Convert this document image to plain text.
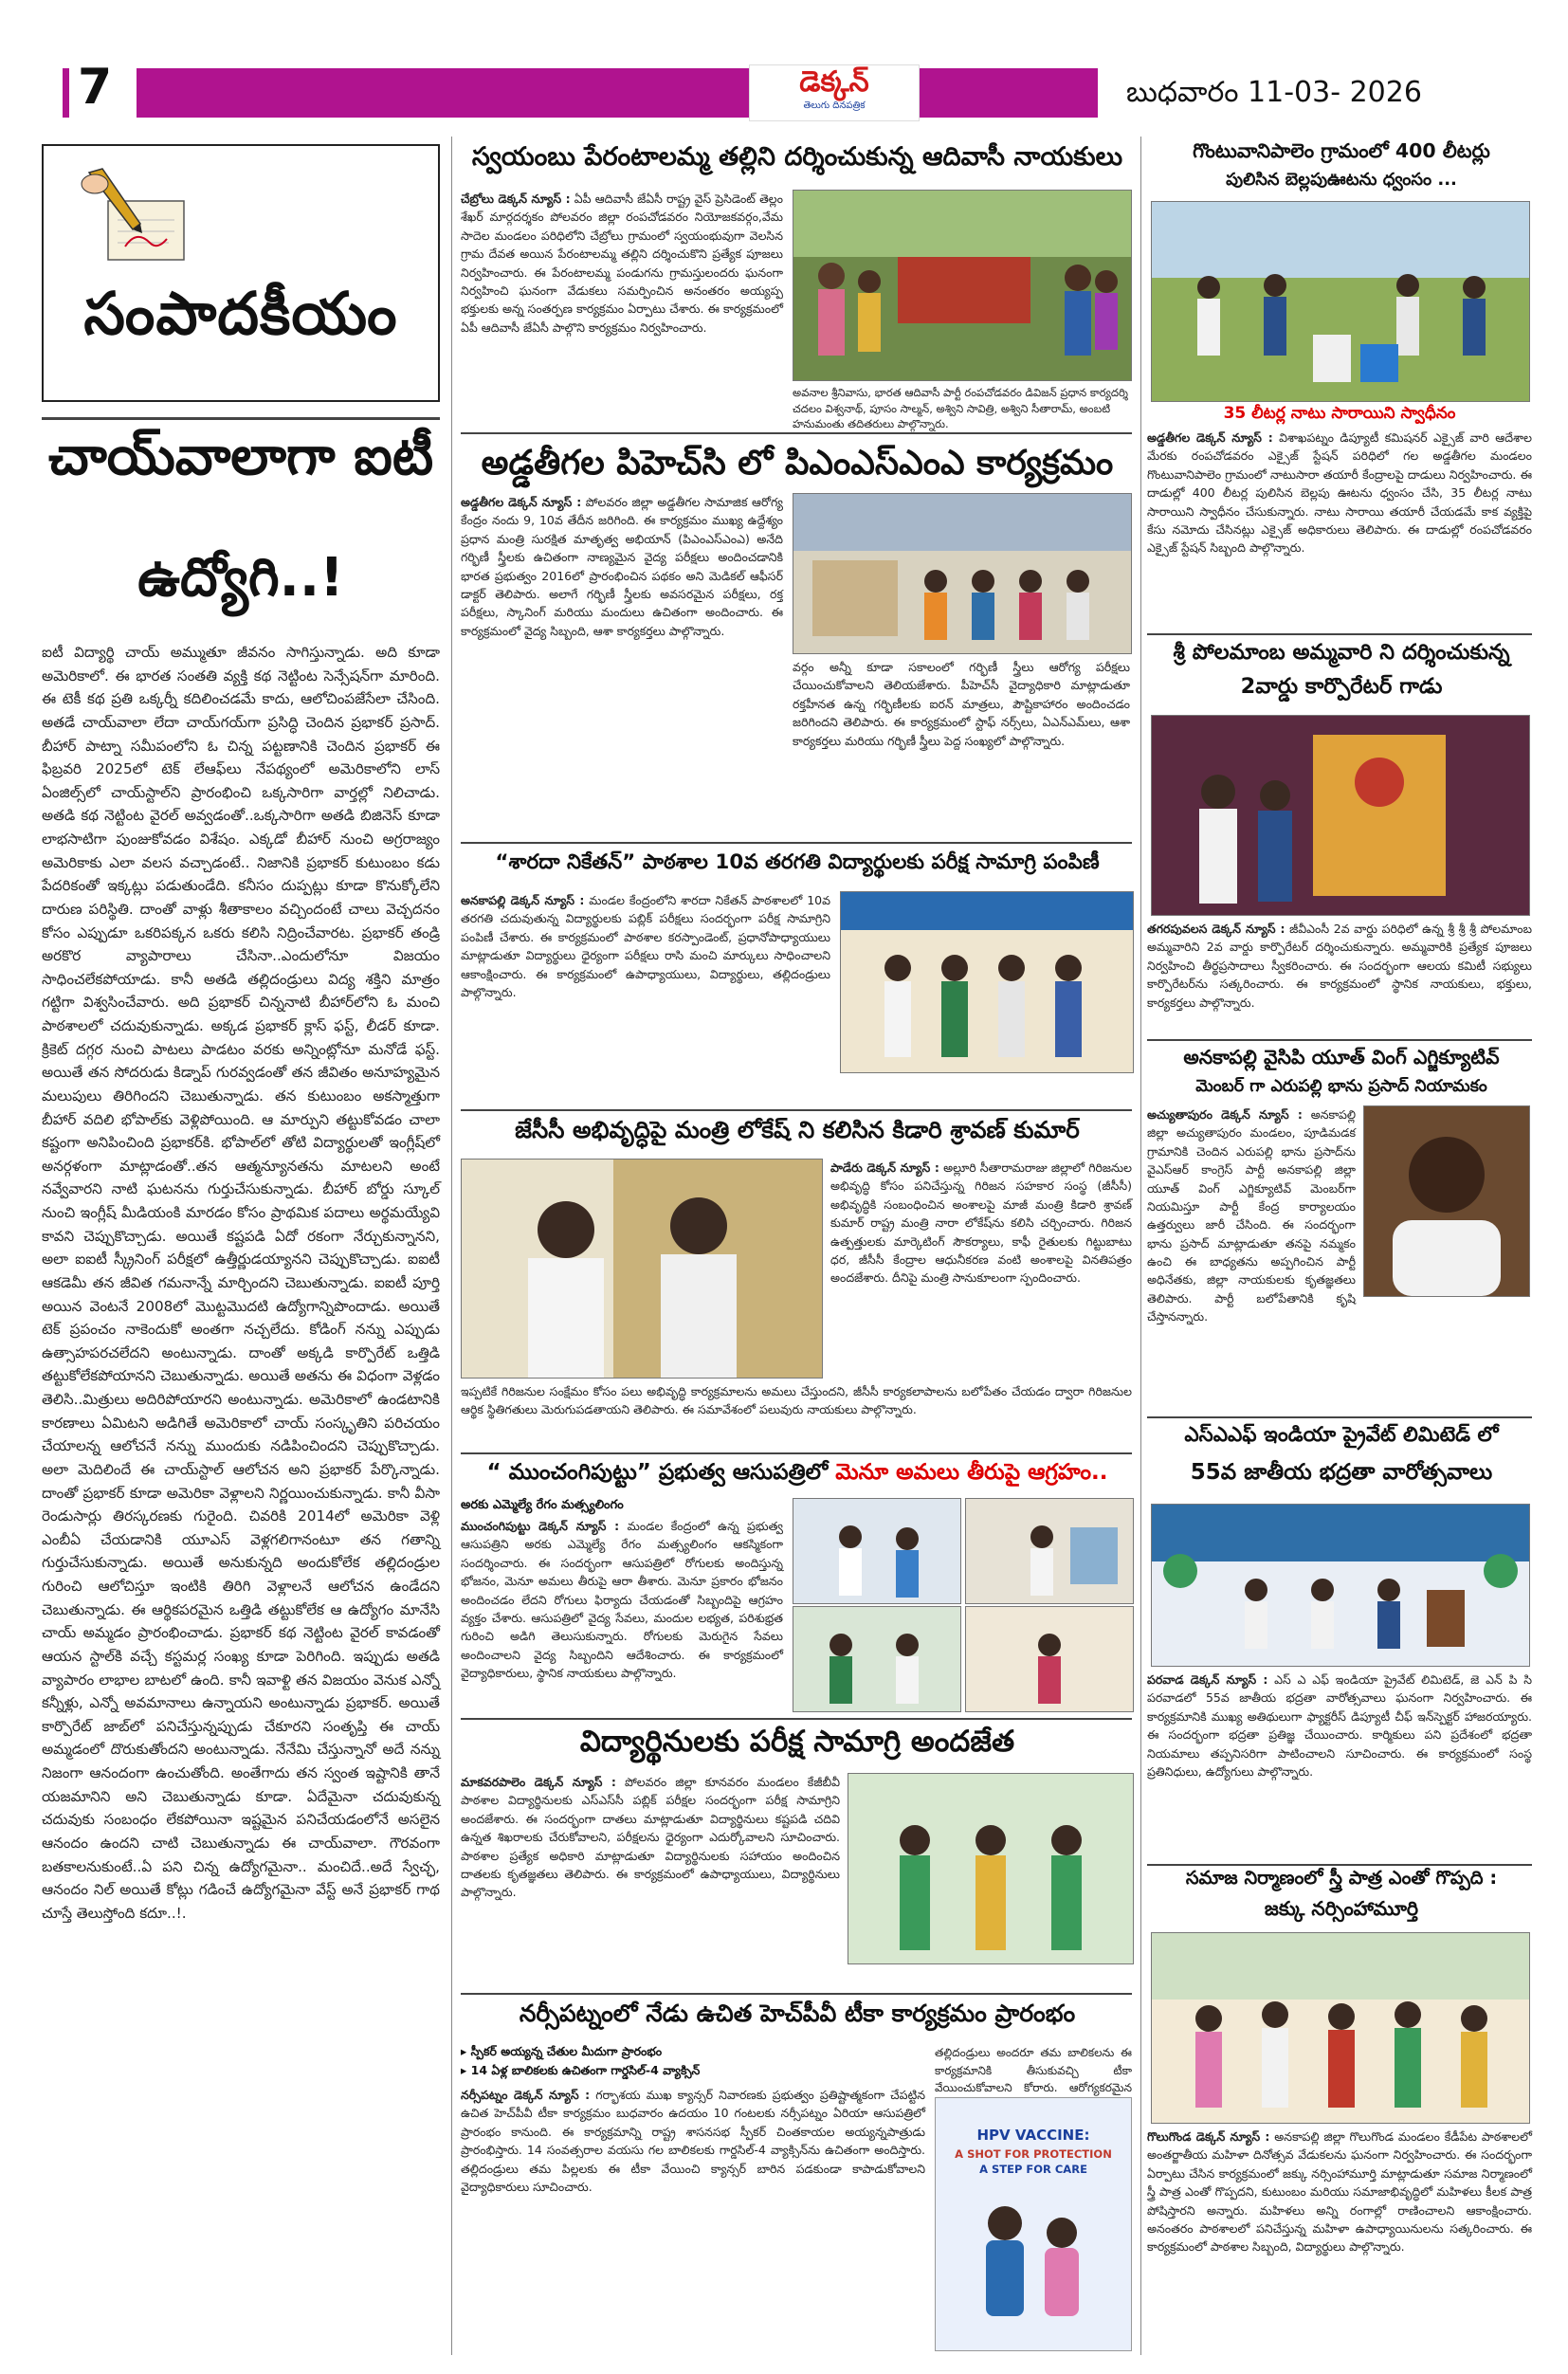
7	డెక్కన్
తెలుగు దినపత్రిక	బుధవారం 11-03- 2026
సంపాదకీయం
చాయ్‌వాలాగా ఐటీ
ఉద్యోగి..!
ఐటీ విద్యార్థి చాయ్ అమ్ముతూ జీవనం సాగిస్తున్నాడు. అది కూడా అమెరికాలో. ఈ భారత సంతతి వ్యక్తి కథ నెట్టింట సెన్సేషన్‌గా మారింది. ఈ టెకీ కథ ప్రతి ఒక్కర్నీ కదిలించడమే కాదు, ఆలోచింపజేసేలా చేసింది. అతడే చాయ్‌వాలా లేదా చాయ్‌గయ్‌గా ప్రసిద్ధి చెందిన ప్రభాకర్ ప్రసాద్. బీహార్ పాట్నా సమీపంలోని ఓ చిన్న పట్టణానికి చెందిన ప్రభాకర్ ఈ ఫిబ్రవరి 2025లో టెక్ లేఆఫ్‌లు నేపథ్యంలో అమెరికాలోని లాస్ ఏంజిల్స్‌లో చాయ్‌స్టాల్‌ని ప్రారంభించి ఒక్కసారిగా వార్తల్లో నిలిచాడు. అతడి కథ నెట్టింట వైరల్ అవ్వడంతో..ఒక్కసారిగా అతడి బిజినెస్ కూడా లాభసాటిగా పుంజుకోవడం విశేషం. ఎక్కడో బీహార్ నుంచి అగ్రరాజ్యం అమెరికాకు ఎలా వలస వచ్చాడంటే.. నిజానికి ప్రభాకర్ కుటుంబం కడు పేదరికంతో ఇక్కట్లు పడుతుండేది. కనీసం దుప్పట్లు కూడా కొనుక్కోలేని దారుణ పరిస్థితి. దాంతో వాళ్లు శీతాకాలం వచ్చిందంటే చాలు వెచ్చదనం కోసం ఎప్పుడూ ఒకరిపక్కన ఒకరు కలిసి నిద్రించేవారట. ప్రభాకర్ తండ్రి అరకొర వ్యాపారాలు చేసినా..ఎందులోనూ విజయం సాధించలేకపోయాడు. కానీ అతడి తల్లిదండ్రులు విద్య శక్తిని మాత్రం గట్టిగా విశ్వసించేవారు. అది ప్రభాకర్ చిన్ననాటి బీహార్‌లోని ఓ మంచి పాఠశాలలో చదువుకున్నాడు. అక్కడ ప్రభాకర్ క్లాస్ ఫస్ట్, లీడర్ కూడా. క్రికెట్ దగ్గర నుంచి పాటలు పాడటం వరకు అన్నింట్లోనూ మనోడే ఫస్ట్. అయితే తన సోదరుడు కిడ్నాప్ గురవ్వడంతో తన జీవితం అనూహ్యమైన మలుపులు తిరిగిందని చెబుతున్నాడు. తన కుటుంబం అకస్మాత్తుగా బీహార్ వదిలి భోపాల్‌కు వెళ్లిపోయింది. ఆ మార్పుని తట్టుకోవడం చాలా కష్టంగా అనిపించింది ప్రభాకర్‌కి. భోపాల్‌లో తోటి విద్యార్థులతో ఇంగ్లీష్‌లో అనర్గళంగా మాట్లాడంతో..తన ఆత్మన్యూనతను మాటలని అంటే నవ్వేవారని నాటి ఘటనను గుర్తుచేసుకున్నాడు. బీహార్ బోర్డు స్కూల్ నుంచి ఇంగ్లీష్ మీడియంకి మారడం కోసం ప్రాథమిక పదాలు అర్థమయ్యేవి కావని చెప్పుకొచ్చాడు. అయితే కష్టపడి ఏదో రకంగా నేర్చుకున్నానని, అలా ఐఐటీ స్క్రీనింగ్ పరీక్షలో ఉత్తీర్ణుడయ్యానని చెప్పుకొచ్చాడు. ఐఐటీ ఆకడెమీ తన జీవిత గమనాన్నే మార్చిందని చెబుతున్నాడు. ఐఐటీ పూర్తి అయిన వెంటనే 2008లో మొట్టమొదటి ఉద్యోగాన్నిపొందాడు. అయితే టెక్ ప్రపంచం నాకెందుకో అంతగా నచ్చలేదు. కోడింగ్ నన్ను ఎప్పుడు ఉత్సాహపరచలేదని అంటున్నాడు. దాంతో అక్కడి కార్పొరేట్ ఒత్తిడి తట్టుకోలేకపోయానని చెబుతున్నాడు. అయితే అతను ఈ విధంగా వెళ్లడం తెలిసి..మిత్రులు అదిరిపోయారని అంటున్నాడు. అమెరికాలో ఉండటానికి కారణాలు ఏమిటని అడిగితే అమెరికాలో చాయ్ సంస్కృతిని పరిచయం చేయాలన్న ఆలోచనే నన్ను ముందుకు నడిపించిందని చెప్పుకొచ్చాడు. అలా మెదిలిందే ఈ చాయ్‌స్టాల్ ఆలోచన అని ప్రభాకర్ పేర్కొన్నాడు. దాంతో ప్రభాకర్ కూడా అమెరికా వెళ్లాలని నిర్ణయించుకున్నాడు. కానీ వీసా రెండుసార్లు తిరస్కరణకు గురైంది. చివరికి 2014లో అమెరికా వెళ్లి ఎంబీఏ చేయడానికి యూఎస్ వెళ్లగలిగానంటూ తన గతాన్ని గుర్తుచేసుకున్నాడు. అయితే అనుకున్నది అందుకోలేక తల్లిదండ్రుల గురించి ఆలోచిస్తూ ఇంటికి తిరిగి వెళ్లాలనే ఆలోచన ఉండేదని చెబుతున్నాడు. ఈ ఆర్థికపరమైన ఒత్తిడి తట్టుకోలేక ఆ ఉద్యోగం మానేసి చాయ్ అమ్మడం ప్రారంభించాడు. ప్రభాకర్ కథ నెట్టింట వైరల్ కావడంతో ఆయన స్టాల్‌కి వచ్చే కస్టమర్ల సంఖ్య కూడా పెరిగింది. ఇప్పుడు అతడి వ్యాపారం లాభాల బాటలో ఉంది. కానీ ఇవాళ్టి తన విజయం వెనుక ఎన్నో కన్నీళ్లు, ఎన్నో అవమానాలు ఉన్నాయని అంటున్నాడు ప్రభాకర్. అయితే కార్పొరేట్ జాబ్‌లో పనిచేస్తున్నప్పుడు చేకూరని సంతృప్తి ఈ చాయ్ అమ్మడంలో దొరుకుతోందని అంటున్నాడు. నేనేమి చేస్తున్నానో అదే నన్ను నిజంగా ఆనందంగా ఉంచుతోంది. అంతేగాదు తన స్వంత ఇష్టానికి తానే యజమానిని అని చెబుతున్నాడు కూడా. ఏదేమైనా చదువుకున్న చదువుకు సంబంధం లేకపోయినా ఇష్టమైన పనిచేయడంలోనే అసలైన ఆనందం ఉందని చాటి చెబుతున్నాడు ఈ చాయ్‌వాలా. గౌరవంగా బతకాలనుకుంటే..ఏ పని చిన్న ఉద్యోగమైనా.. మంచిదే..అదే స్వేచ్ఛ, ఆనందం నిల్ అయితే కోట్లు గడించే ఉద్యోగమైనా వేస్ట్ అనే ప్రభాకర్ గాథ చూస్తే తెలుస్తోంది కదూ..!.
స్వయంబు పేరంటాలమ్మ తల్లిని దర్శించుకున్న ఆదివాసీ నాయకులు
చేబ్రోలు డెక్కన్ న్యూస్ : ఏపీ ఆదివాసీ జేఏసీ రాష్ట్ర వైస్ ప్రెసిడెంట్ తెల్లం శేఖర్ మార్గదర్శకం పోలవరం జిల్లా రంపచోడవరం నియోజకవర్గం,వేమ సాదెల మండలం పరిధిలోని చేబ్రోలు గ్రామంలో స్వయంభువుగా వెలసిన గ్రామ దేవత అయిన పేరంటాలమ్మ తల్లిని దర్శించుకొని ప్రత్యేక పూజలు నిర్వహించారు. ఈ పేరంటాలమ్మ పండుగను గ్రామస్తులందరు ఘనంగా నిర్వహించి ఘనంగా వేడుకలు సమర్పించిన అనంతరం అయ్యప్ప భక్తులకు అన్న సంతర్పణ కార్యక్రమం ఏర్పాటు చేశారు. ఈ కార్యక్రమంలో ఏపీ ఆదివాసీ జేఏసీ పాల్గొని కార్యక్రమం నిర్వహించారు.
అవనాల శ్రీనివాసు, భారత ఆదివాసీ పార్టీ రంపచోడవరం డివిజన్ ప్రధాన కార్యదర్శి చదలం విశ్వనాథ్, పూసం సాల్మన్, అశ్విని సావిత్రి, అశ్విని సీతారామ్, అంబటి హనుమంతు తదితరులు పాల్గొన్నారు.
అడ్డతీగల పిహెచ్‌సి లో పిఎంఎస్ఎంఎ కార్యక్రమం
అడ్డతీగల డెక్కన్ న్యూస్ : పోలవరం జిల్లా అడ్డతీగల సామాజిక ఆరోగ్య కేంద్రం నందు 9, 10వ తేదీన జరిగింది. ఈ కార్యక్రమం ముఖ్య ఉద్దేశ్యం ప్రధాన మంత్రి సురక్షిత మాతృత్వ అభియాన్ (పిఎంఎస్ఎంఎ) అనేది గర్భిణీ స్త్రీలకు ఉచితంగా నాణ్యమైన వైద్య పరీక్షలు అందించడానికి భారత ప్రభుత్వం 2016లో ప్రారంభించిన పథకం అని మెడికల్ ఆఫీసర్ డాక్టర్ తెలిపారు. అలాగే గర్భిణీ స్త్రీలకు అవసరమైన పరీక్షలు, రక్త పరీక్షలు, స్కానింగ్ మరియు మందులు ఉచితంగా అందించారు. ఈ కార్యక్రమంలో వైద్య సిబ్బంది, ఆశా కార్యకర్తలు పాల్గొన్నారు.
వర్గం అన్నీ కూడా సకాలంలో గర్భిణీ స్త్రీలు ఆరోగ్య పరీక్షలు చేయించుకోవాలని తెలియజేశారు. పీహెచ్‌సీ వైద్యాధికారి మాట్లాడుతూ రక్తహీనత ఉన్న గర్భిణీలకు ఐరన్ మాత్రలు, పౌష్టికాహారం అందించడం జరిగిందని తెలిపారు. ఈ కార్యక్రమంలో స్టాఫ్ నర్స్‌లు, ఏఎన్ఎమ్‌లు, ఆశా కార్యకర్తలు మరియు గర్భిణీ స్త్రీలు పెద్ద సంఖ్యలో పాల్గొన్నారు.
“శారదా నికేతన్” పాఠశాల 10వ తరగతి విద్యార్థులకు పరీక్ష సామాగ్రి పంపిణీ
అనకాపల్లి డెక్కన్ న్యూస్ : మండల కేంద్రంలోని శారదా నికేతన్ పాఠశాలలో 10వ తరగతి చదువుతున్న విద్యార్థులకు పబ్లిక్ పరీక్షలు సందర్భంగా పరీక్ష సామాగ్రిని పంపిణీ చేశారు. ఈ కార్యక్రమంలో పాఠశాల కరస్పాండెంట్, ప్రధానోపాధ్యాయులు మాట్లాడుతూ విద్యార్థులు ధైర్యంగా పరీక్షలు రాసి మంచి మార్కులు సాధించాలని ఆకాంక్షించారు. ఈ కార్యక్రమంలో ఉపాధ్యాయులు, విద్యార్థులు, తల్లిదండ్రులు పాల్గొన్నారు.
జేసీసీ అభివృద్ధిపై మంత్రి లోకేష్ ని కలిసిన కిడారి శ్రావణ్ కుమార్
పాడేరు డెక్కన్ న్యూస్ : అల్లూరి సీతారామరాజు జిల్లాలో గిరిజనుల అభివృద్ధి కోసం పనిచేస్తున్న గిరిజన సహకార సంస్థ (జీసీసీ) అభివృద్ధికి సంబంధించిన అంశాలపై మాజీ మంత్రి కిడారి శ్రావణ్ కుమార్ రాష్ట్ర మంత్రి నారా లోకేష్‌ను కలిసి చర్చించారు. గిరిజన ఉత్పత్తులకు మార్కెటింగ్ సౌకర్యాలు, కాఫీ రైతులకు గిట్టుబాటు ధర, జీసీసీ కేంద్రాల ఆధునీకరణ వంటి అంశాలపై వినతిపత్రం అందజేశారు. దీనిపై మంత్రి సానుకూలంగా స్పందించారు.
ఇప్పటికే గిరిజనుల సంక్షేమం కోసం పలు అభివృద్ధి కార్యక్రమాలను అమలు చేస్తుందని, జీసీసీ కార్యకలాపాలను బలోపేతం చేయడం ద్వారా గిరిజనుల ఆర్థిక స్థితిగతులు మెరుగుపడతాయని తెలిపారు. ఈ సమావేశంలో పలువురు నాయకులు పాల్గొన్నారు.
“ ముంచంగిపుట్టు” ప్రభుత్వ ఆసుపత్రిలో మెనూ అమలు తీరుపై ఆగ్రహం..
అరకు ఎమ్మెల్యే రేగం మత్స్యలింగం
ముంచంగిపుట్టు డెక్కన్ న్యూస్ : మండల కేంద్రంలో ఉన్న ప్రభుత్వ ఆసుపత్రిని అరకు ఎమ్మెల్యే రేగం మత్స్యలింగం ఆకస్మికంగా సందర్శించారు. ఈ సందర్భంగా ఆసుపత్రిలో రోగులకు అందిస్తున్న భోజనం, మెనూ అమలు తీరుపై ఆరా తీశారు. మెనూ ప్రకారం భోజనం అందించడం లేదని రోగులు ఫిర్యాదు చేయడంతో సిబ్బందిపై ఆగ్రహం వ్యక్తం చేశారు. ఆసుపత్రిలో వైద్య సేవలు, మందుల లభ్యత, పరిశుభ్రత గురించి అడిగి తెలుసుకున్నారు. రోగులకు మెరుగైన సేవలు అందించాలని వైద్య సిబ్బందిని ఆదేశించారు. ఈ కార్యక్రమంలో వైద్యాధికారులు, స్థానిక నాయకులు పాల్గొన్నారు.
విద్యార్థినులకు పరీక్ష సామాగ్రి అందజేత
మాకవరపాలెం డెక్కన్ న్యూస్ : పోలవరం జిల్లా కూనవరం మండలం కేజీబీవీ పాఠశాల విద్యార్థినులకు ఎస్ఎస్‌సీ పబ్లిక్ పరీక్షల సందర్భంగా పరీక్ష సామాగ్రిని అందజేశారు. ఈ సందర్భంగా దాతలు మాట్లాడుతూ విద్యార్థినులు కష్టపడి చదివి ఉన్నత శిఖరాలకు చేరుకోవాలని, పరీక్షలను ధైర్యంగా ఎదుర్కోవాలని సూచించారు. పాఠశాల ప్రత్యేక అధికారి మాట్లాడుతూ విద్యార్థినులకు సహాయం అందించిన దాతలకు కృతజ్ఞతలు తెలిపారు. ఈ కార్యక్రమంలో ఉపాధ్యాయులు, విద్యార్థినులు పాల్గొన్నారు.
నర్సీపట్నంలో నేడు ఉచిత హెచ్‌పీవీ టీకా కార్యక్రమం ప్రారంభం
▸ స్పీకర్ అయ్యన్న చేతుల మీదుగా ప్రారంభం
▸ 14 ఏళ్ల బాలికలకు ఉచితంగా గార్డసిల్-4 వ్యాక్సిన్
నర్సీపట్నం డెక్కన్ న్యూస్ : గర్భాశయ ముఖ క్యాన్సర్ నివారణకు ప్రభుత్వం ప్రతిష్టాత్మకంగా చేపట్టిన ఉచిత హెచ్‌పీవీ టీకా కార్యక్రమం బుధవారం ఉదయం 10 గంటలకు నర్సీపట్నం ఏరియా ఆసుపత్రిలో ప్రారంభం కానుంది. ఈ కార్యక్రమాన్ని రాష్ట్ర శాసనసభ స్పీకర్ చింతకాయల అయ్యన్నపాత్రుడు ప్రారంభిస్తారు. 14 సంవత్సరాల వయసు గల బాలికలకు గార్డసిల్-4 వ్యాక్సిన్‌ను ఉచితంగా అందిస్తారు. తల్లిదండ్రులు తమ పిల్లలకు ఈ టీకా వేయించి క్యాన్సర్ బారిన పడకుండా కాపాడుకోవాలని వైద్యాధికారులు సూచించారు.
తల్లిదండ్రులు అందరూ తమ బాలికలను ఈ కార్యక్రమానికి తీసుకువచ్చి టీకా వేయించుకోవాలని కోరారు. ఆరోగ్యకరమైన
HPV VACCINE:
A SHOT FOR PROTECTION
A STEP FOR CARE
గొంటువానిపాలెం గ్రామంలో 400 లీటర్లు
పులిసిన బెల్లపుఊటను ధ్వంసం ...
35 లీటర్ల నాటు సారాయిని స్వాధీనం
అడ్డతీగల డెక్కన్ న్యూస్ : విశాఖపట్నం డిప్యూటీ కమిషనర్ ఎక్సైజ్ వారి ఆదేశాల మేరకు రంపచోడవరం ఎక్సైజ్ స్టేషన్ పరిధిలో గల అడ్డతీగల మండలం గొంటువానిపాలెం గ్రామంలో నాటుసారా తయారీ కేంద్రాలపై దాడులు నిర్వహించారు. ఈ దాడుల్లో 400 లీటర్ల పులిసిన బెల్లపు ఊటను ధ్వంసం చేసి, 35 లీటర్ల నాటు సారాయిని స్వాధీనం చేసుకున్నారు. నాటు సారాయి తయారీ చేయడమే కాక వ్యక్తిపై కేసు నమోదు చేసినట్లు ఎక్సైజ్ అధికారులు తెలిపారు. ఈ దాడుల్లో రంపచోడవరం ఎక్సైజ్ స్టేషన్ సిబ్బంది పాల్గొన్నారు.
శ్రీ పోలమాంబ అమ్మవారి ని దర్శించుకున్న
2వార్డు కార్పొరేటర్ గాడు
తగరపువలస డెక్కన్ న్యూస్ : జీవీఎంసీ 2వ వార్డు పరిధిలో ఉన్న శ్రీ శ్రీ శ్రీ పోలమాంబ అమ్మవారిని 2వ వార్డు కార్పొరేటర్ దర్శించుకున్నారు. అమ్మవారికి ప్రత్యేక పూజలు నిర్వహించి తీర్థప్రసాదాలు స్వీకరించారు. ఈ సందర్భంగా ఆలయ కమిటీ సభ్యులు కార్పొరేటర్‌ను సత్కరించారు. ఈ కార్యక్రమంలో స్థానిక నాయకులు, భక్తులు, కార్యకర్తలు పాల్గొన్నారు.
అనకాపల్లి వైసిపి యూత్ వింగ్ ఎగ్జిక్యూటివ్
మెంబర్ గా ఎరుపల్లి భాను ప్రసాద్ నియామకం
అచ్యుతాపురం డెక్కన్ న్యూస్ : అనకాపల్లి జిల్లా అచ్యుతాపురం మండలం, పూడిమడక గ్రామానికి చెందిన ఎరుపల్లి భాను ప్రసాద్‌ను వైఎస్ఆర్ కాంగ్రెస్ పార్టీ అనకాపల్లి జిల్లా యూత్ వింగ్ ఎగ్జిక్యూటివ్ మెంబర్‌గా నియమిస్తూ పార్టీ కేంద్ర కార్యాలయం ఉత్తర్వులు జారీ చేసింది. ఈ సందర్భంగా భాను ప్రసాద్ మాట్లాడుతూ తనపై నమ్మకం ఉంచి ఈ బాధ్యతను అప్పగించిన పార్టీ అధినేతకు, జిల్లా నాయకులకు కృతజ్ఞతలు తెలిపారు. పార్టీ బలోపేతానికి కృషి చేస్తానన్నారు.
ఎస్ఎఎఫ్ ఇండియా ప్రైవేట్ లిమిటెడ్ లో
55వ జాతీయ భద్రతా వారోత్సవాలు
పరవాడ డెక్కన్ న్యూస్ : ఎస్ ఎ ఎఫ్ ఇండియా ప్రైవేట్ లిమిటెడ్, జె ఎన్ పి సి పరవాడలో 55వ జాతీయ భద్రతా వారోత్సవాలు ఘనంగా నిర్వహించారు. ఈ కార్యక్రమానికి ముఖ్య అతిథులుగా ఫ్యాక్టరీస్ డిప్యూటీ చీఫ్ ఇన్‌స్పెక్టర్ హాజరయ్యారు. ఈ సందర్భంగా భద్రతా ప్రతిజ్ఞ చేయించారు. కార్మికులు పని ప్రదేశంలో భద్రతా నియమాలు తప్పనిసరిగా పాటించాలని సూచించారు. ఈ కార్యక్రమంలో సంస్థ ప్రతినిధులు, ఉద్యోగులు పాల్గొన్నారు.
సమాజ నిర్మాణంలో స్త్రీ పాత్ర ఎంతో గొప్పది :
జక్కు నర్సింహామూర్తి
గొలుగొండ డెక్కన్ న్యూస్ : అనకాపల్లి జిల్లా గొలుగొండ మండలం కేడీపేట పాఠశాలలో అంతర్జాతీయ మహిళా దినోత్సవ వేడుకలను ఘనంగా నిర్వహించారు. ఈ సందర్భంగా ఏర్పాటు చేసిన కార్యక్రమంలో జక్కు నర్సింహామూర్తి మాట్లాడుతూ సమాజ నిర్మాణంలో స్త్రీ పాత్ర ఎంతో గొప్పదని, కుటుంబం మరియు సమాజాభివృద్ధిలో మహిళలు కీలక పాత్ర పోషిస్తారని అన్నారు. మహిళలు అన్ని రంగాల్లో రాణించాలని ఆకాంక్షించారు. అనంతరం పాఠశాలలో పనిచేస్తున్న మహిళా ఉపాధ్యాయినులను సత్కరించారు. ఈ కార్యక్రమంలో పాఠశాల సిబ్బంది, విద్యార్థులు పాల్గొన్నారు.
